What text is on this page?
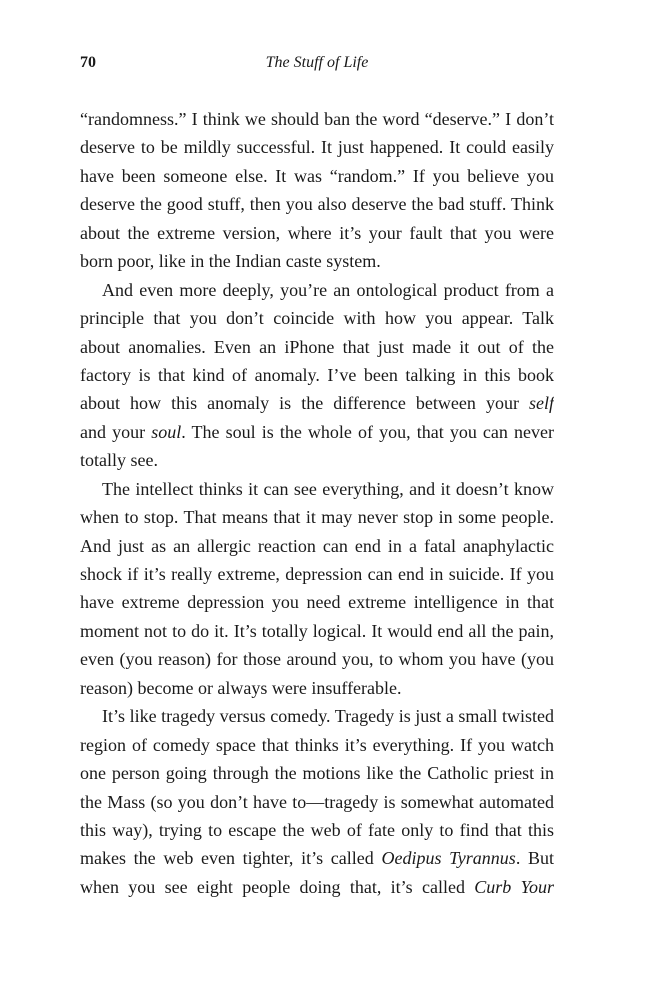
70	The Stuff of Life
“randomness.” I think we should ban the word “deserve.” I don’t
deserve to be mildly successful. It just happened. It could easily
have been someone else. It was “random.” If you believe you
deserve the good stuff, then you also deserve the bad stuff. Think
about the extreme version, where it’s your fault that you were
born poor, like in the Indian caste system.
And even more deeply, you’re an ontological product from a
principle that you don’t coincide with how you appear. Talk
about anomalies. Even an iPhone that just made it out of the
factory is that kind of anomaly. I’ve been talking in this book
about how this anomaly is the difference between your self
and your soul. The soul is the whole of you, that you can never
totally see.
The intellect thinks it can see everything, and it doesn’t know
when to stop. That means that it may never stop in some people.
And just as an allergic reaction can end in a fatal anaphylactic
shock if it’s really extreme, depression can end in suicide. If you
have extreme depression you need extreme intelligence in that
moment not to do it. It’s totally logical. It would end all the pain,
even (you reason) for those around you, to whom you have (you
reason) become or always were insufferable.
It’s like tragedy versus comedy. Tragedy is just a small twisted
region of comedy space that thinks it’s everything. If you watch
one person going through the motions like the Catholic priest in
the Mass (so you don’t have to—tragedy is somewhat automated
this way), trying to escape the web of fate only to find that this
makes the web even tighter, it’s called Oedipus Tyrannus. But
when you see eight people doing that, it’s called Curb Your
